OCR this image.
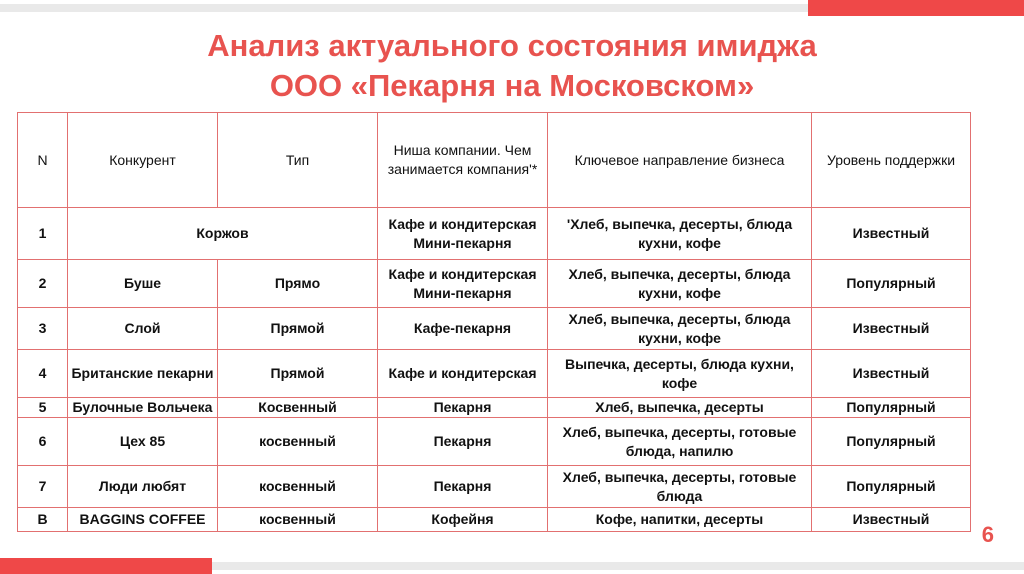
Анализ актуального состояния имиджа
ООО «Пекарня на Московском»
N	Конкурент	Тип	Ниша компании. Чем занимается компания'*	Ключевое направление бизнеса	Уровень поддержки
1	Коржов		Кафе и кондитерская Мини-пекарня	'Хлеб, выпечка, десерты, блюда кухни, кофе	Известный
2	Буше	Прямо	Кафе и кондитерская Мини-пекарня	Хлеб, выпечка, десерты, блюда кухни, кофе	Популярный
3	Слой	Прямой	Кафе-пекарня	Хлеб, выпечка, десерты, блюда кухни, кофе	Известный
4	Британские пекарни	Прямой	Кафе и кондитерская	Выпечка, десерты, блюда кухни, кофе	Известный
5	Булочные Вольчека	Косвенный	Пекарня	Хлеб, выпечка, десерты	Популярный
6	Цех 85	косвенный	Пекарня	Хлеб, выпечка, десерты, готовые блюда, напилю	Популярный
7	Люди любят	косвенный	Пекарня	Хлеб, выпечка, десерты, готовые блюда	Популярный
B	BAGGINS COFFEE	косвенный	Кофейня	Кофе, напитки, десерты	Известный
6
